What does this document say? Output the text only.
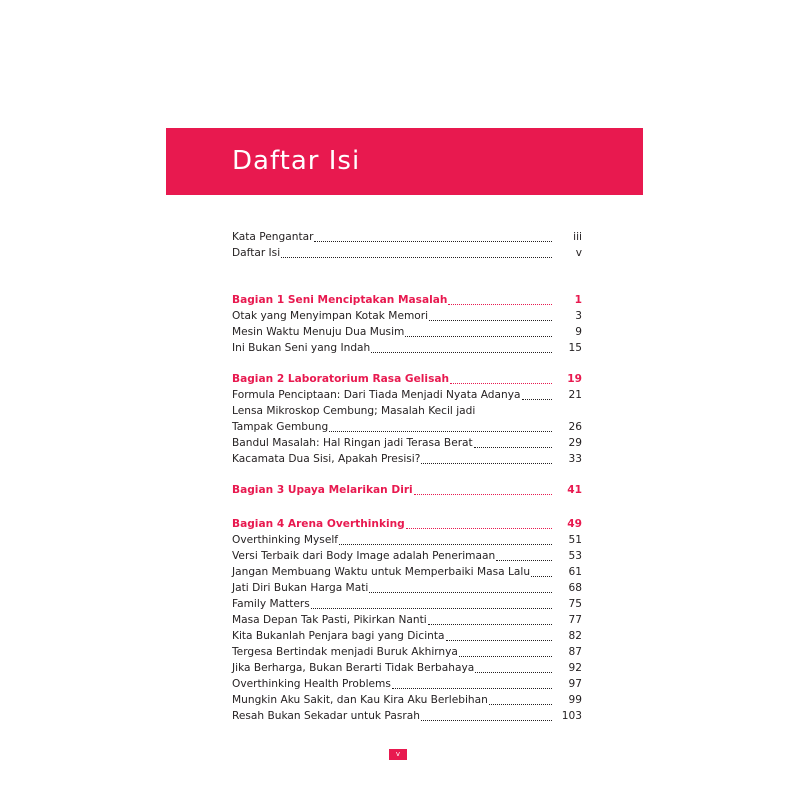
Daftar Isi
Kata Pengantar	iii
Daftar Isi	v
Bagian 1 Seni Menciptakan Masalah	1
Otak yang Menyimpan Kotak Memori	3
Mesin Waktu Menuju Dua Musim	9
Ini Bukan Seni yang Indah	15
Bagian 2 Laboratorium Rasa Gelisah	19
Formula Penciptaan: Dari Tiada Menjadi Nyata Adanya	21
Lensa Mikroskop Cembung; Masalah Kecil jadi
Tampak Gembung	26
Bandul Masalah: Hal Ringan jadi Terasa Berat	29
Kacamata Dua Sisi, Apakah Presisi?	33
Bagian 3 Upaya Melarikan Diri	41
Bagian 4 Arena Overthinking	49
Overthinking Myself	51
Versi Terbaik dari Body Image adalah Penerimaan	53
Jangan Membuang Waktu untuk Memperbaiki Masa Lalu	61
Jati Diri Bukan Harga Mati	68
Family Matters	75
Masa Depan Tak Pasti, Pikirkan Nanti	77
Kita Bukanlah Penjara bagi yang Dicinta	82
Tergesa Bertindak menjadi Buruk Akhirnya	87
Jika Berharga, Bukan Berarti Tidak Berbahaya	92
Overthinking Health Problems	97
Mungkin Aku Sakit, dan Kau Kira Aku Berlebihan	99
Resah Bukan Sekadar untuk Pasrah	103
v
